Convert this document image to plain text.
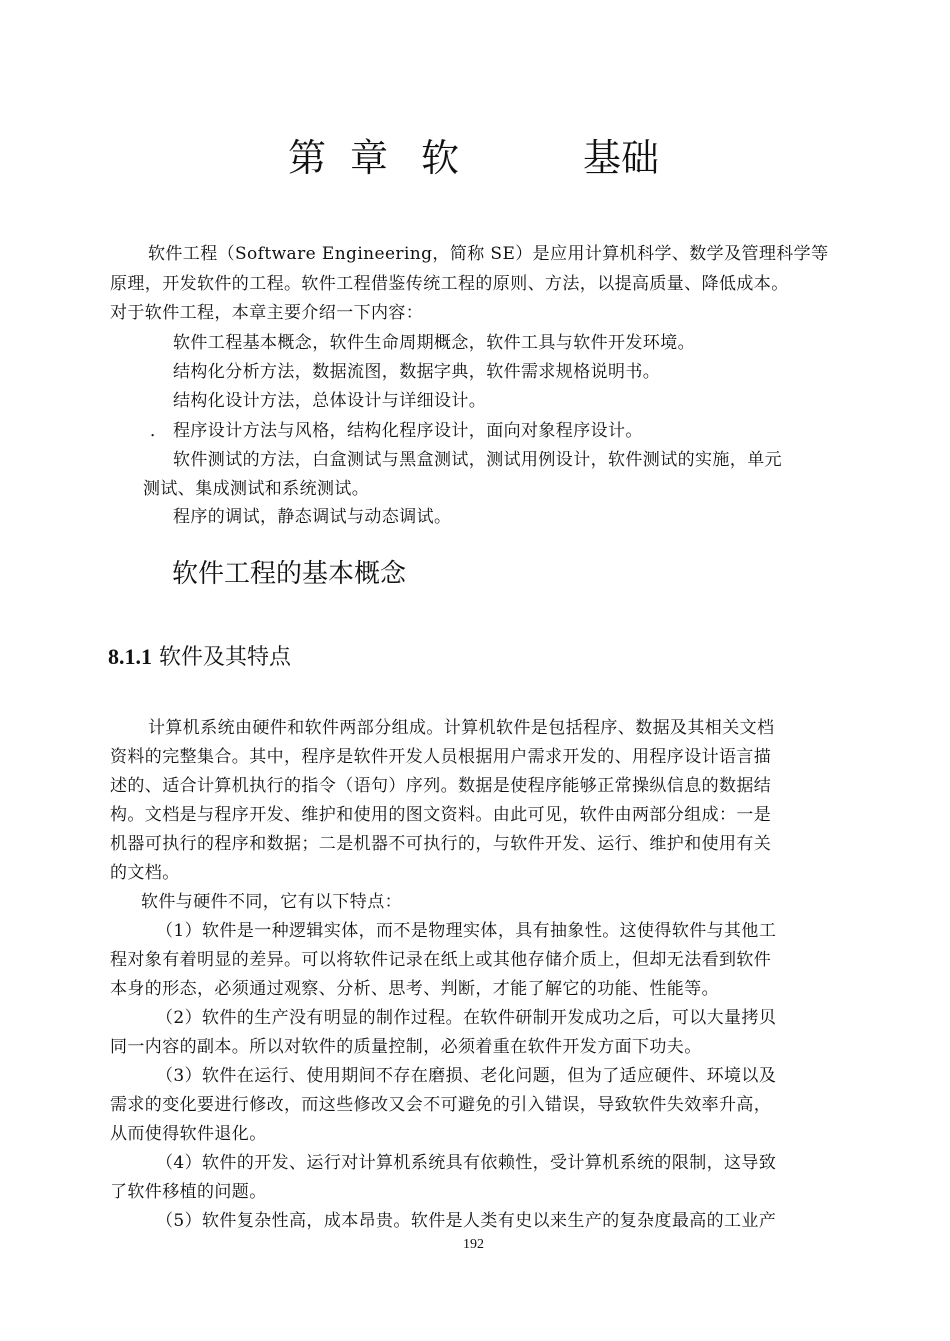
第 章 软	基础
软件工程（Software Engineering，简称 SE）是应用计算机科学、数学及管理科学等
原理，开发软件的工程。软件工程借鉴传统工程的原则、方法，以提高质量、降低成本。
对于软件工程，本章主要介绍一下内容：
软件工程基本概念，软件生命周期概念，软件工具与软件开发环境。
结构化分析方法，数据流图，数据字典，软件需求规格说明书。
结构化设计方法，总体设计与详细设计。
． 程序设计方法与风格，结构化程序设计，面向对象程序设计。
软件测试的方法，白盒测试与黑盒测试，测试用例设计，软件测试的实施，单元
测试、集成测试和系统测试。
程序的调试，静态调试与动态调试。
软件工程的基本概念
8.1.1 软件及其特点
计算机系统由硬件和软件两部分组成。计算机软件是包括程序、数据及其相关文档
资料的完整集合。其中，程序是软件开发人员根据用户需求开发的、用程序设计语言描
述的、适合计算机执行的指令（语句）序列。数据是使程序能够正常操纵信息的数据结
构。文档是与程序开发、维护和使用的图文资料。由此可见，软件由两部分组成：一是
机器可执行的程序和数据；二是机器不可执行的，与软件开发、运行、维护和使用有关
的文档。
软件与硬件不同，它有以下特点：
（1）软件是一种逻辑实体，而不是物理实体，具有抽象性。这使得软件与其他工
程对象有着明显的差异。可以将软件记录在纸上或其他存储介质上，但却无法看到软件
本身的形态，必须通过观察、分析、思考、判断，才能了解它的功能、性能等。
（2）软件的生产没有明显的制作过程。在软件研制开发成功之后，可以大量拷贝
同一内容的副本。所以对软件的质量控制，必须着重在软件开发方面下功夫。
（3）软件在运行、使用期间不存在磨损、老化问题，但为了适应硬件、环境以及
需求的变化要进行修改，而这些修改又会不可避免的引入错误，导致软件失效率升高，
从而使得软件退化。
（4）软件的开发、运行对计算机系统具有依赖性，受计算机系统的限制，这导致
了软件移植的问题。
（5）软件复杂性高，成本昂贵。软件是人类有史以来生产的复杂度最高的工业产
192
